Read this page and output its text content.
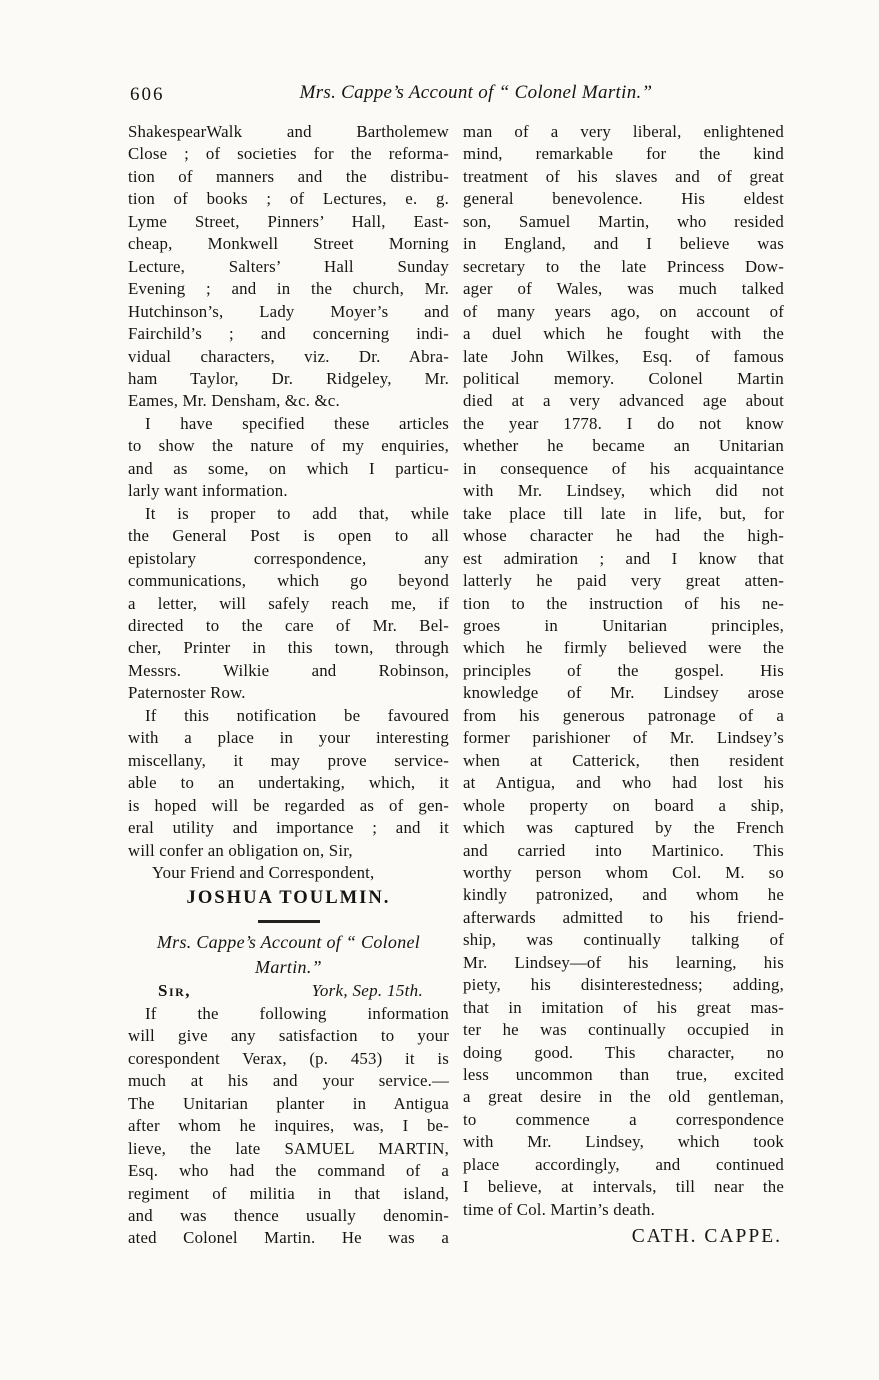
606	Mrs. Cappe’s Account of “ Colonel Martin.”
ShakespearWalk and Bartholemew
Close ; of societies for the reforma-
tion of manners and the distribu-
tion of books ; of Lectures, e. g.
Lyme Street, Pinners’ Hall, East-
cheap, Monkwell Street Morning
Lecture, Salters’ Hall Sunday
Evening ; and in the church, Mr.
Hutchinson’s, Lady Moyer’s and
Fairchild’s ; and concerning indi-
vidual characters, viz. Dr. Abra-
ham Taylor, Dr. Ridgeley, Mr.
Eames, Mr. Densham, &c. &c.
I have specified these articles
to show the nature of my enquiries,
and as some, on which I particu-
larly want information.
It is proper to add that, while
the General Post is open to all
epistolary correspondence, any
communications, which go beyond
a letter, will safely reach me, if
directed to the care of Mr. Bel-
cher, Printer in this town, through
Messrs. Wilkie and Robinson,
Paternoster Row.
If this notification be favoured
with a place in your interesting
miscellany, it may prove service-
able to an undertaking, which, it
is hoped will be regarded as of gen-
eral utility and importance ; and it
will confer an obligation on, Sir,
Your Friend and Correspondent,
JOSHUA TOULMIN.
Mrs. Cappe’s Account of “ Colonel
Martin.”
Sir,	York, Sep. 15th.
If the following information
will give any satisfaction to your
corespondent Verax, (p. 453) it is
much at his and your service.—
The Unitarian planter in Antigua
after whom he inquires, was, I be-
lieve, the late SAMUEL MARTIN,
Esq. who had the command of a
regiment of militia in that island,
and was thence usually denomin-
ated Colonel Martin. He was a
man of a very liberal, enlightened
mind, remarkable for the kind
treatment of his slaves and of great
general benevolence. His eldest
son, Samuel Martin, who resided
in England, and I believe was
secretary to the late Princess Dow-
ager of Wales, was much talked
of many years ago, on account of
a duel which he fought with the
late John Wilkes, Esq. of famous
political memory. Colonel Martin
died at a very advanced age about
the year 1778. I do not know
whether he became an Unitarian
in consequence of his acquaintance
with Mr. Lindsey, which did not
take place till late in life, but, for
whose character he had the high-
est admiration ; and I know that
latterly he paid very great atten-
tion to the instruction of his ne-
groes in Unitarian principles,
which he firmly believed were the
principles of the gospel. His
knowledge of Mr. Lindsey arose
from his generous patronage of a
former parishioner of Mr. Lindsey’s
when at Catterick, then resident
at Antigua, and who had lost his
whole property on board a ship,
which was captured by the French
and carried into Martinico. This
worthy person whom Col. M. so
kindly patronized, and whom he
afterwards admitted to his friend-
ship, was continually talking of
Mr. Lindsey—of his learning, his
piety, his disinterestedness; adding,
that in imitation of his great mas-
ter he was continually occupied in
doing good. This character, no
less uncommon than true, excited
a great desire in the old gentleman,
to commence a correspondence
with Mr. Lindsey, which took
place accordingly, and continued
I believe, at intervals, till near the
time of Col. Martin’s death.
CATH. CAPPE.
